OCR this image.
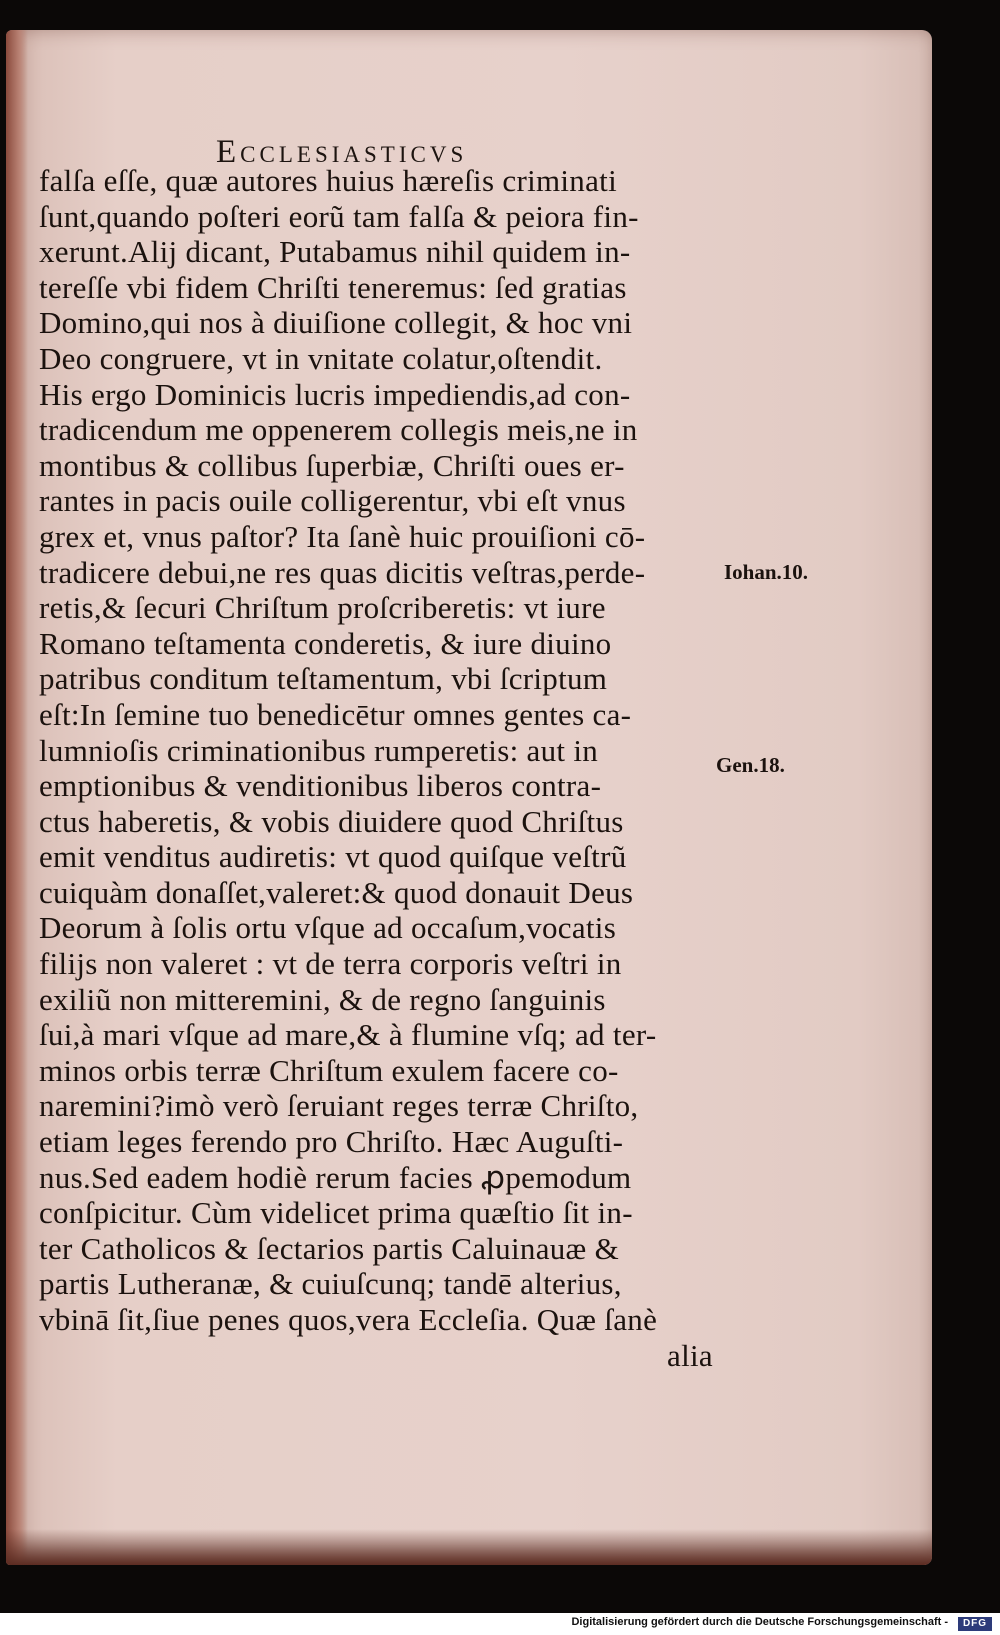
Ecclesiasticvs
falſa eſſe, quæ autores huius hæreſis criminati
ſunt,quando poſteri eorũ tam falſa & peiora fin-
xerunt.Alij dicant, Putabamus nihil quidem in-
tereſſe vbi fidem Chriſti teneremus: ſed gratias
Domino,qui nos à diuiſione collegit, & hoc vni
Deo congruere, vt in vnitate colatur,oſtendit.
His ergo Dominicis lucris impediendis,ad con-
tradicendum me oppenerem collegis meis,ne in
montibus & collibus ſuperbiæ, Chriſti oues er-
rantes in pacis ouile colligerentur, vbi eſt vnus
grex et, vnus paſtor? Ita ſanè huic prouiſioni cō-
tradicere debui,ne res quas dicitis veſtras,perde-
retis,& ſecuri Chriſtum proſcriberetis: vt iure
Romano teſtamenta conderetis, & iure diuino
patribus conditum teſtamentum, vbi ſcriptum
eſt:In ſemine tuo benedicētur omnes gentes ca-
lumnioſis criminationibus rumperetis: aut in
emptionibus & venditionibus liberos contra-
ctus haberetis, & vobis diuidere quod Chriſtus
emit venditus audiretis: vt quod quiſque veſtrũ
cuiquàm donaſſet,valeret:& quod donauit Deus
Deorum à ſolis ortu vſque ad occaſum,vocatis
filijs non valeret : vt de terra corporis veſtri in
exiliũ non mitteremini, & de regno ſanguinis
ſui,à mari vſque ad mare,& à flumine vſq; ad ter-
minos orbis terræ Chriſtum exulem facere co-
naremini?imò verò ſeruiant reges terræ Chriſto,
etiam leges ferendo pro Chriſto. Hæc Auguſti-
nus.Sed eadem hodiè rerum facies ꝓpemodum
conſpicitur. Cùm videlicet prima quæſtio ſit in-
ter Catholicos & ſectarios partis Caluinauæ &
partis Lutheranæ, & cuiuſcunq; tandē alterius,
vbinā ſit,ſiue penes quos,vera Eccleſia. Quæ ſanè
alia
Iohan.10.
Gen.18.
Digitalisierung gefördert durch die Deutsche Forschungsgemeinschaft -	DFG
